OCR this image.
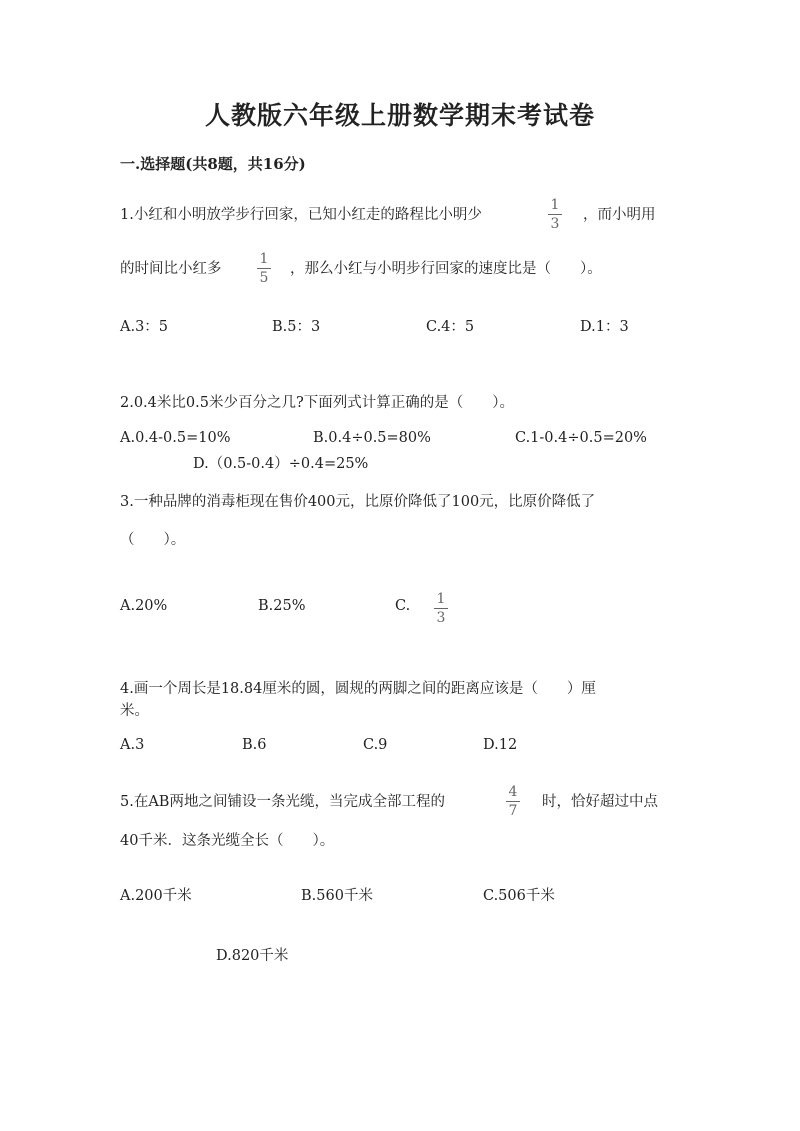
人教版六年级上册数学期末考试卷
一.选择题(共8题，共16分)
1.小红和小明放学步行回家，已知小红走的路程比小明少
1
3
，而小明用
的时间比小红多
1
5
，那么小红与小明步行回家的速度比是（　　）。
A.3：5	B.5：3	C.4：5	D.1：3
2.0.4米比0.5米少百分之几?下面列式计算正确的是（　　）。
A.0.4-0.5=10%	B.0.4÷0.5=80%	C.1-0.4÷0.5=20%
D.（0.5-0.4）÷0.4=25%
3.一种品牌的消毒柜现在售价400元，比原价降低了100元，比原价降低了
（　　）。
A.20%	B.25%	C. 1
3
4.画一个周长是18.84厘米的圆，圆规的两脚之间的距离应该是（　　）厘
米。
A.3	B.6	C.9	D.12
5.在AB两地之间铺设一条光缆，当完成全部工程的
4
7
时，恰好超过中点
40千米．这条光缆全长（　　）。
A.200千米	B.560千米	C.506千米
D.820千米
